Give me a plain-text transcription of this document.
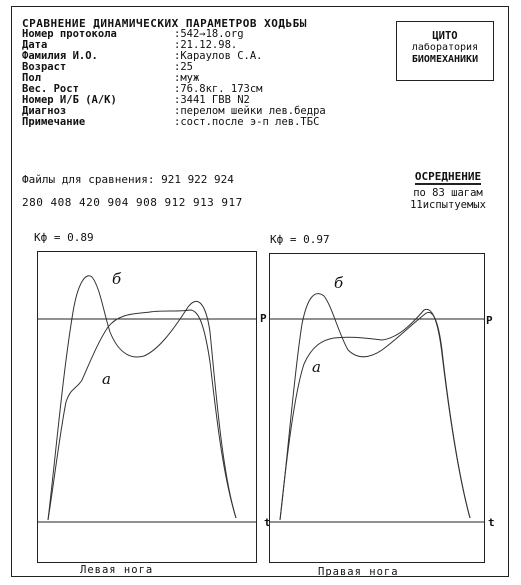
СРАВНЕНИЕ ДИНАМИЧЕСКИХ ПАРАМЕТРОВ ХОДЬБЫ
Номер протокола	:542→18.org
Дата	:21.12.98.
Фамилия И.О.	:Караулов С.А.
Возраст	:25
Пол	:муж
Вес. Рост	:76.8кг. 173см
Номер И/Б (А/К)	:3441 ГВВ N2
Диагноз	:перелом шейки лев.бедра
Примечание	:сост.после э-п лев.ТБС
ЦИТО
лаборатория
БИОМЕХАНИКИ
Файлы для сравнения: 921 922 924
280 408 420 904 908 912 913 917
ОСРЕДНЕНИЕ
по 83 шагам
11испытуемых
Кф = 0.89	Кф = 0.97
P
t
б
а
P
t
б
а
Левая нога	Правая нога
